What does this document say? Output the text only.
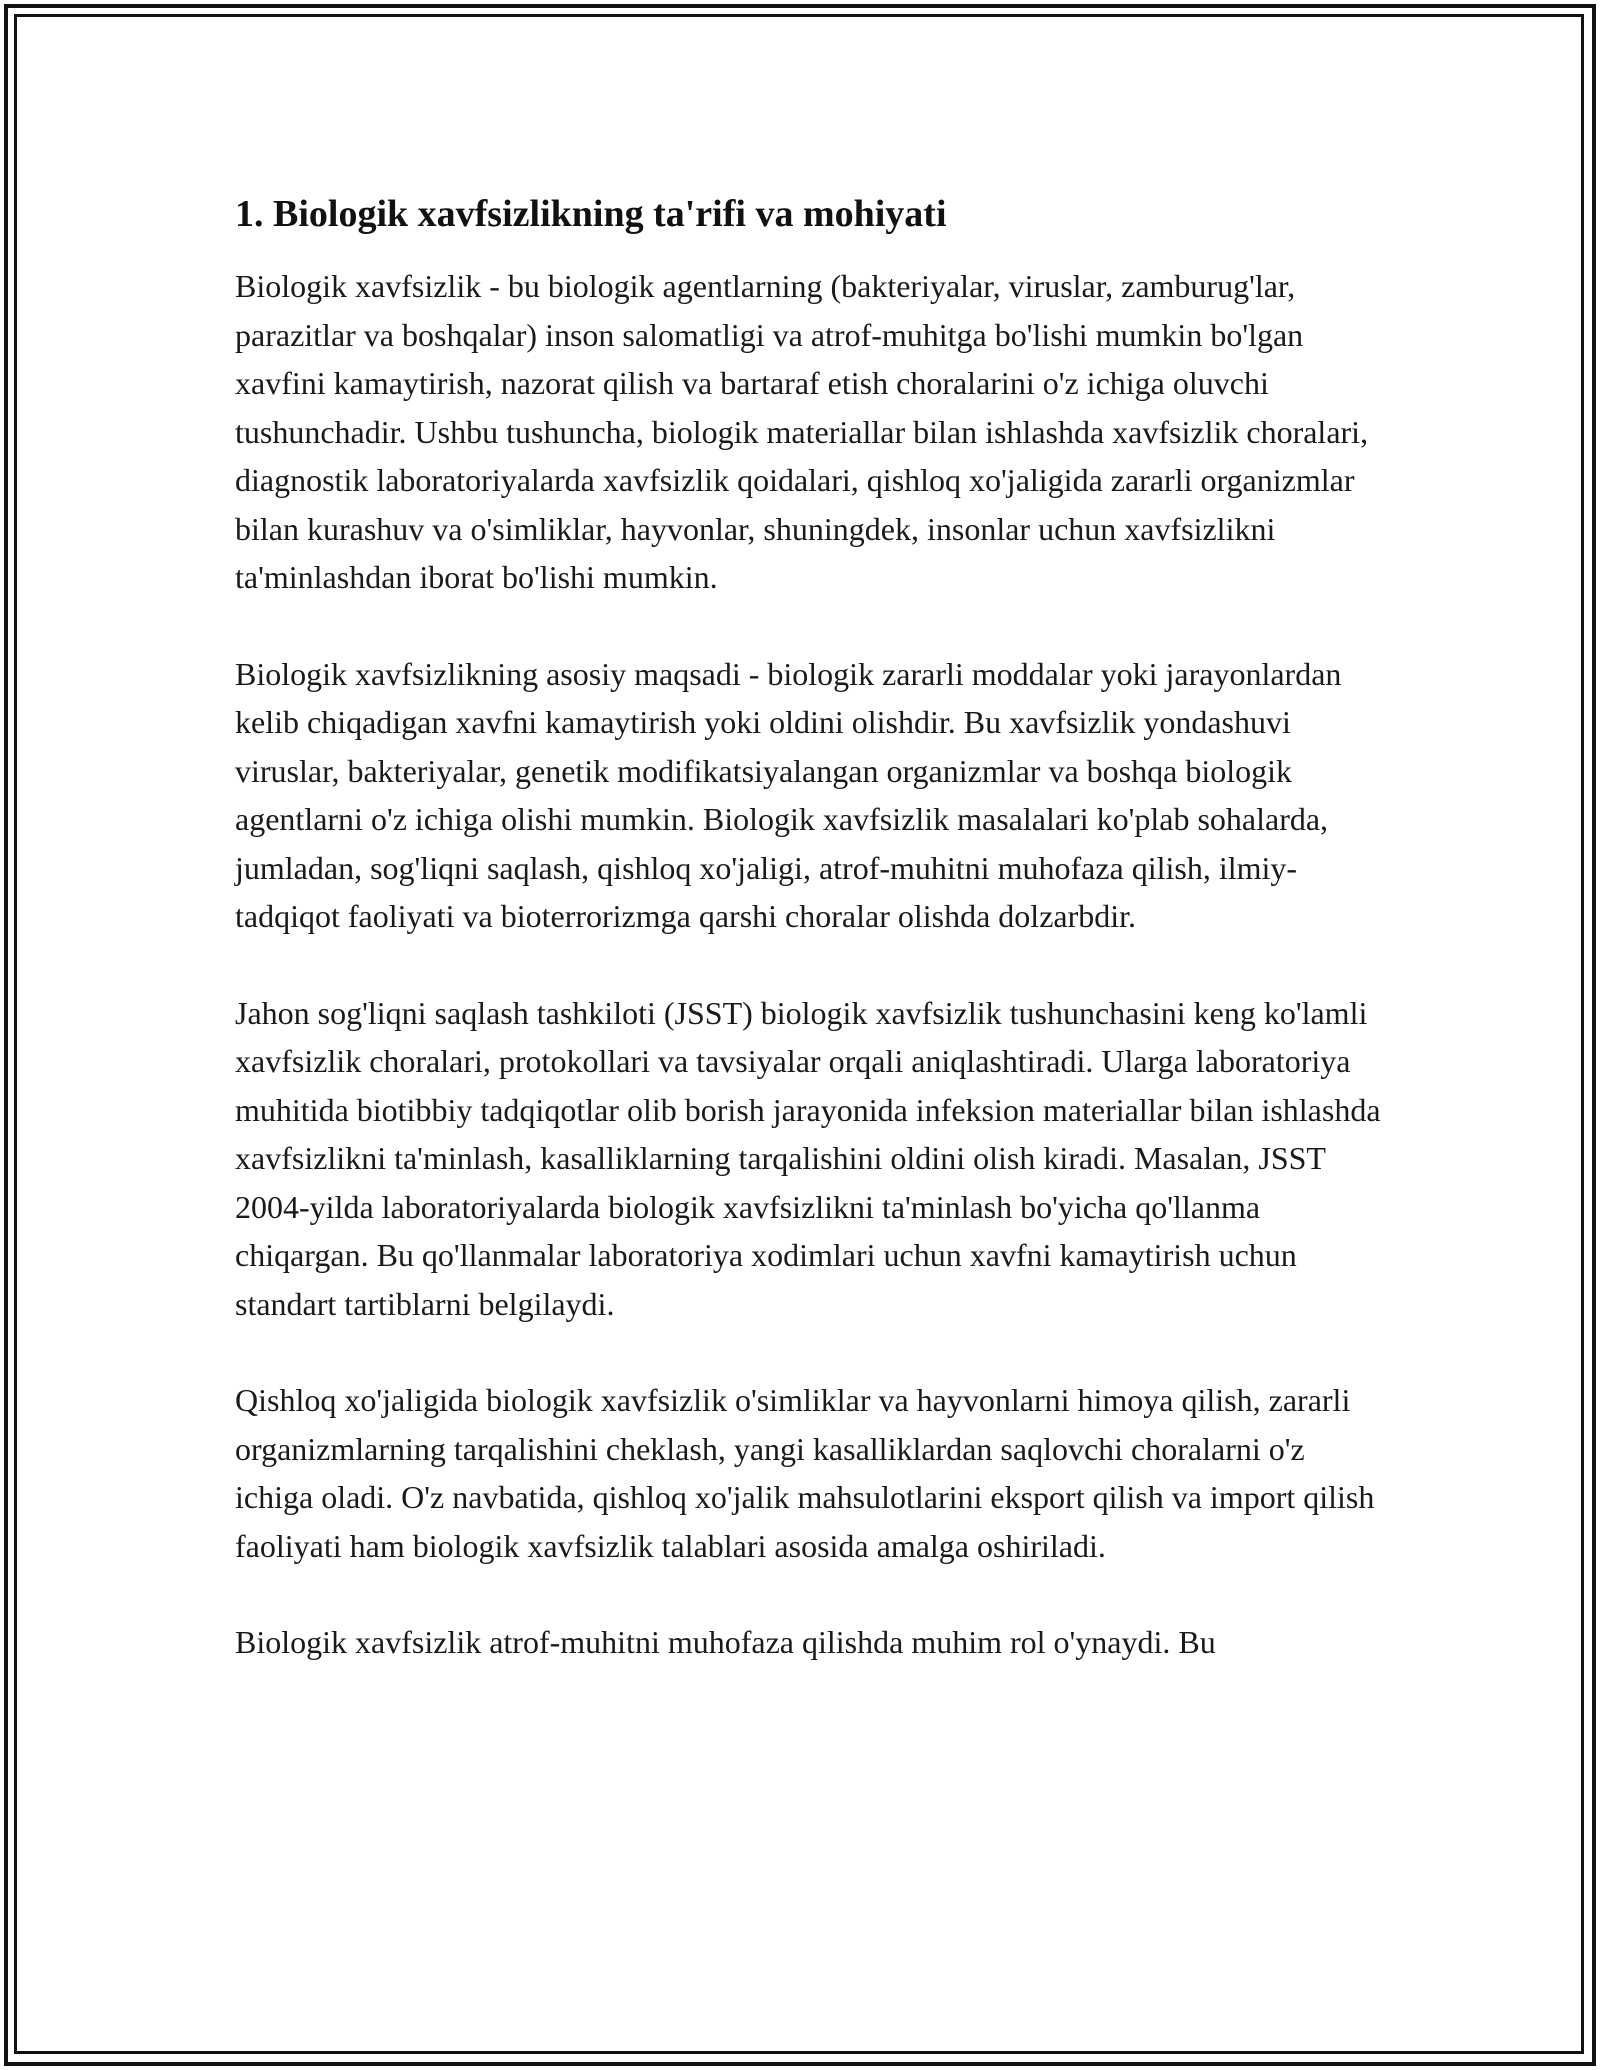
1. Biologik xavfsizlikning ta'rifi va mohiyati

Biologik xavfsizlik - bu biologik agentlarning (bakteriyalar, viruslar, zamburug'lar, parazitlar va boshqalar) inson salomatligi va atrof-muhitga bo'lishi mumkin bo'lgan xavfini kamaytirish, nazorat qilish va bartaraf etish choralarini o'z ichiga oluvchi tushunchadir. Ushbu tushuncha, biologik materiallar bilan ishlashda xavfsizlik choralari, diagnostik laboratoriyalarda xavfsizlik qoidalari, qishloq xo'jaligida zararli organizmlar bilan kurashuv va o'simliklar, hayvonlar, shuningdek, insonlar uchun xavfsizlikni ta'minlashdan iborat bo'lishi mumkin.

Biologik xavfsizlikning asosiy maqsadi - biologik zararli moddalar yoki jarayonlardan kelib chiqadigan xavfni kamaytirish yoki oldini olishdir. Bu xavfsizlik yondashuvi viruslar, bakteriyalar, genetik modifikatsiyalangan organizmlar va boshqa biologik agentlarni o'z ichiga olishi mumkin. Biologik xavfsizlik masalalari ko'plab sohalarda, jumladan, sog'liqni saqlash, qishloq xo'jaligi, atrof-muhitni muhofaza qilish, ilmiy-tadqiqot faoliyati va bioterrorizmga qarshi choralar olishda dolzarbdir.

Jahon sog'liqni saqlash tashkiloti (JSST) biologik xavfsizlik tushunchasini keng ko'lamli xavfsizlik choralari, protokollari va tavsiyalar orqali aniqlashtiradi. Ularga laboratoriya muhitida biotibbiy tadqiqotlar olib borish jarayonida infeksion materiallar bilan ishlashda xavfsizlikni ta'minlash, kasalliklarning tarqalishini oldini olish kiradi. Masalan, JSST 2004-yilda laboratoriyalarda biologik xavfsizlikni ta'minlash bo'yicha qo'llanma chiqargan. Bu qo'llanmalar laboratoriya xodimlari uchun xavfni kamaytirish uchun standart tartiblarni belgilaydi.

Qishloq xo'jaligida biologik xavfsizlik o'simliklar va hayvonlarni himoya qilish, zararli organizmlarning tarqalishini cheklash, yangi kasalliklardan saqlovchi choralarni o'z ichiga oladi. O'z navbatida, qishloq xo'jalik mahsulotlarini eksport qilish va import qilish faoliyati ham biologik xavfsizlik talablari asosida amalga oshiriladi.

Biologik xavfsizlik atrof-muhitni muhofaza qilishda muhim rol o'ynaydi. Bu
